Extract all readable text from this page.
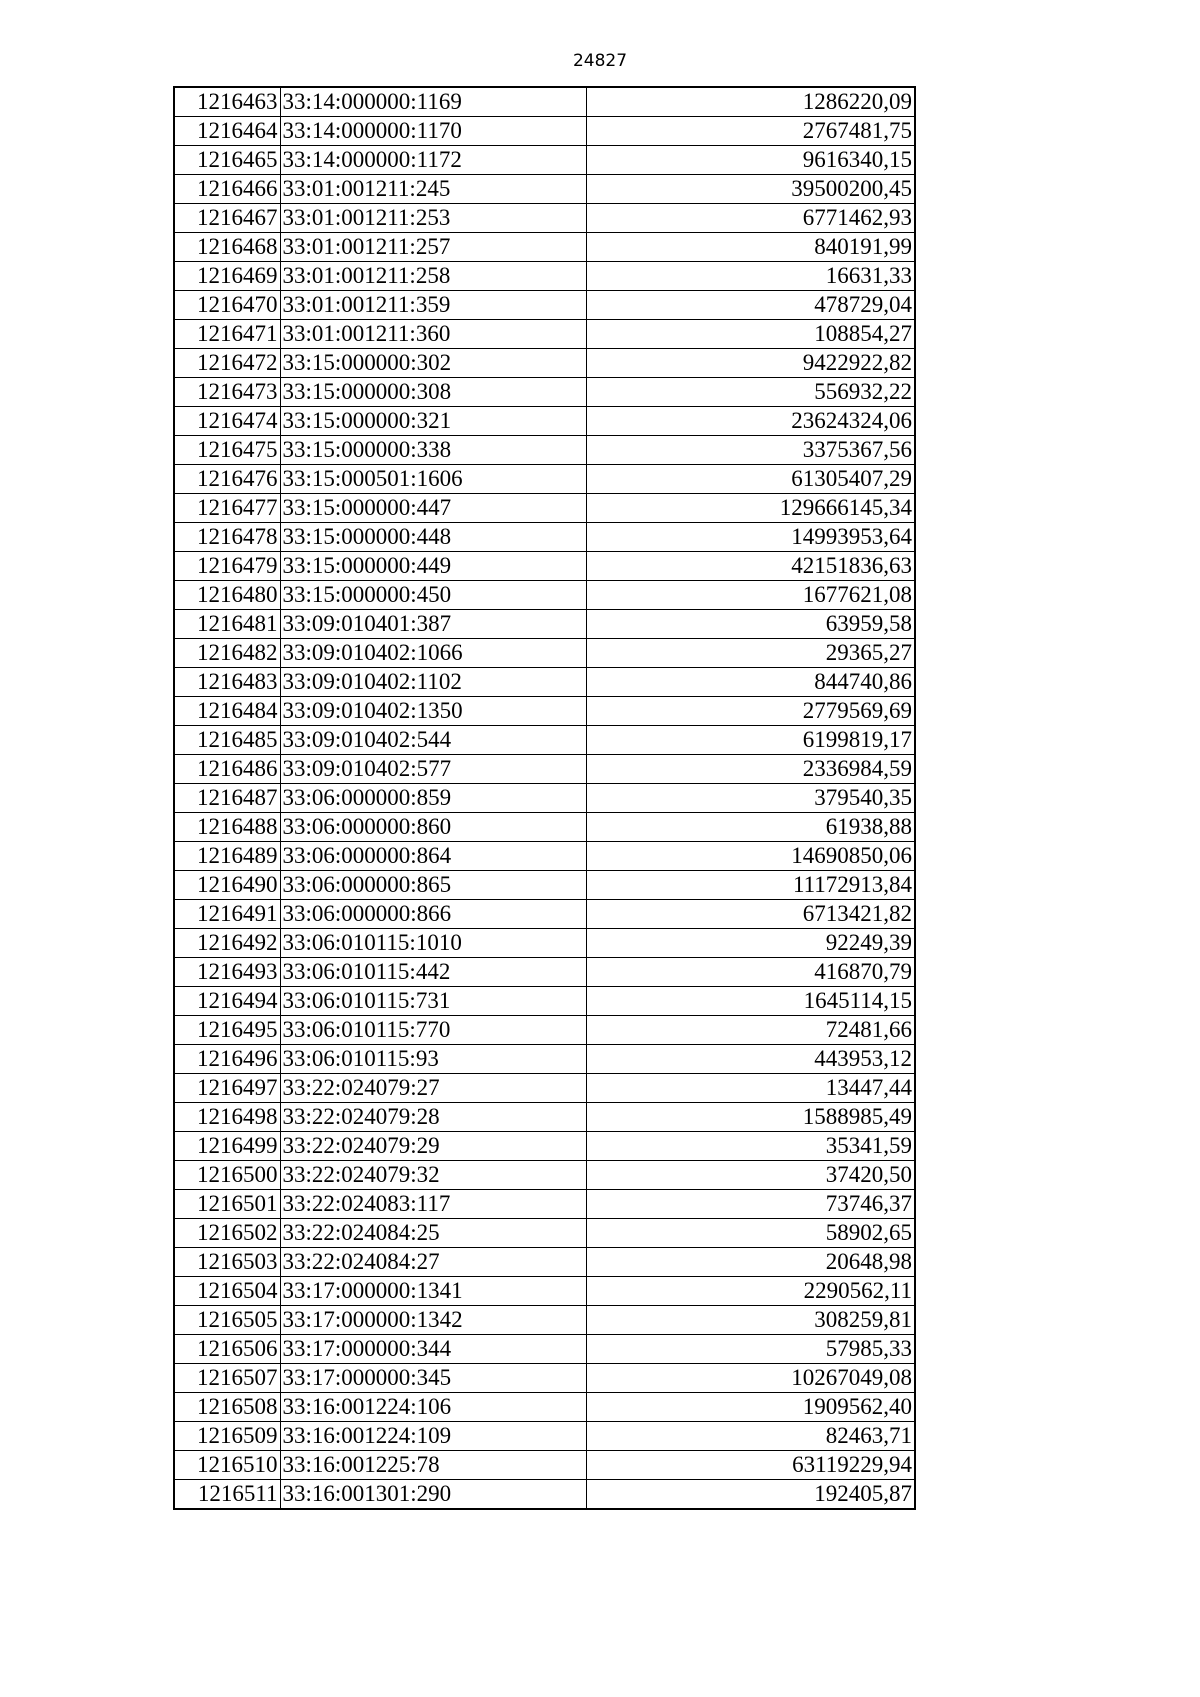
24827
1216463	33:14:000000:1169	1286220,09
1216464	33:14:000000:1170	2767481,75
1216465	33:14:000000:1172	9616340,15
1216466	33:01:001211:245	39500200,45
1216467	33:01:001211:253	6771462,93
1216468	33:01:001211:257	840191,99
1216469	33:01:001211:258	16631,33
1216470	33:01:001211:359	478729,04
1216471	33:01:001211:360	108854,27
1216472	33:15:000000:302	9422922,82
1216473	33:15:000000:308	556932,22
1216474	33:15:000000:321	23624324,06
1216475	33:15:000000:338	3375367,56
1216476	33:15:000501:1606	61305407,29
1216477	33:15:000000:447	129666145,34
1216478	33:15:000000:448	14993953,64
1216479	33:15:000000:449	42151836,63
1216480	33:15:000000:450	1677621,08
1216481	33:09:010401:387	63959,58
1216482	33:09:010402:1066	29365,27
1216483	33:09:010402:1102	844740,86
1216484	33:09:010402:1350	2779569,69
1216485	33:09:010402:544	6199819,17
1216486	33:09:010402:577	2336984,59
1216487	33:06:000000:859	379540,35
1216488	33:06:000000:860	61938,88
1216489	33:06:000000:864	14690850,06
1216490	33:06:000000:865	11172913,84
1216491	33:06:000000:866	6713421,82
1216492	33:06:010115:1010	92249,39
1216493	33:06:010115:442	416870,79
1216494	33:06:010115:731	1645114,15
1216495	33:06:010115:770	72481,66
1216496	33:06:010115:93	443953,12
1216497	33:22:024079:27	13447,44
1216498	33:22:024079:28	1588985,49
1216499	33:22:024079:29	35341,59
1216500	33:22:024079:32	37420,50
1216501	33:22:024083:117	73746,37
1216502	33:22:024084:25	58902,65
1216503	33:22:024084:27	20648,98
1216504	33:17:000000:1341	2290562,11
1216505	33:17:000000:1342	308259,81
1216506	33:17:000000:344	57985,33
1216507	33:17:000000:345	10267049,08
1216508	33:16:001224:106	1909562,40
1216509	33:16:001224:109	82463,71
1216510	33:16:001225:78	63119229,94
1216511	33:16:001301:290	192405,87
